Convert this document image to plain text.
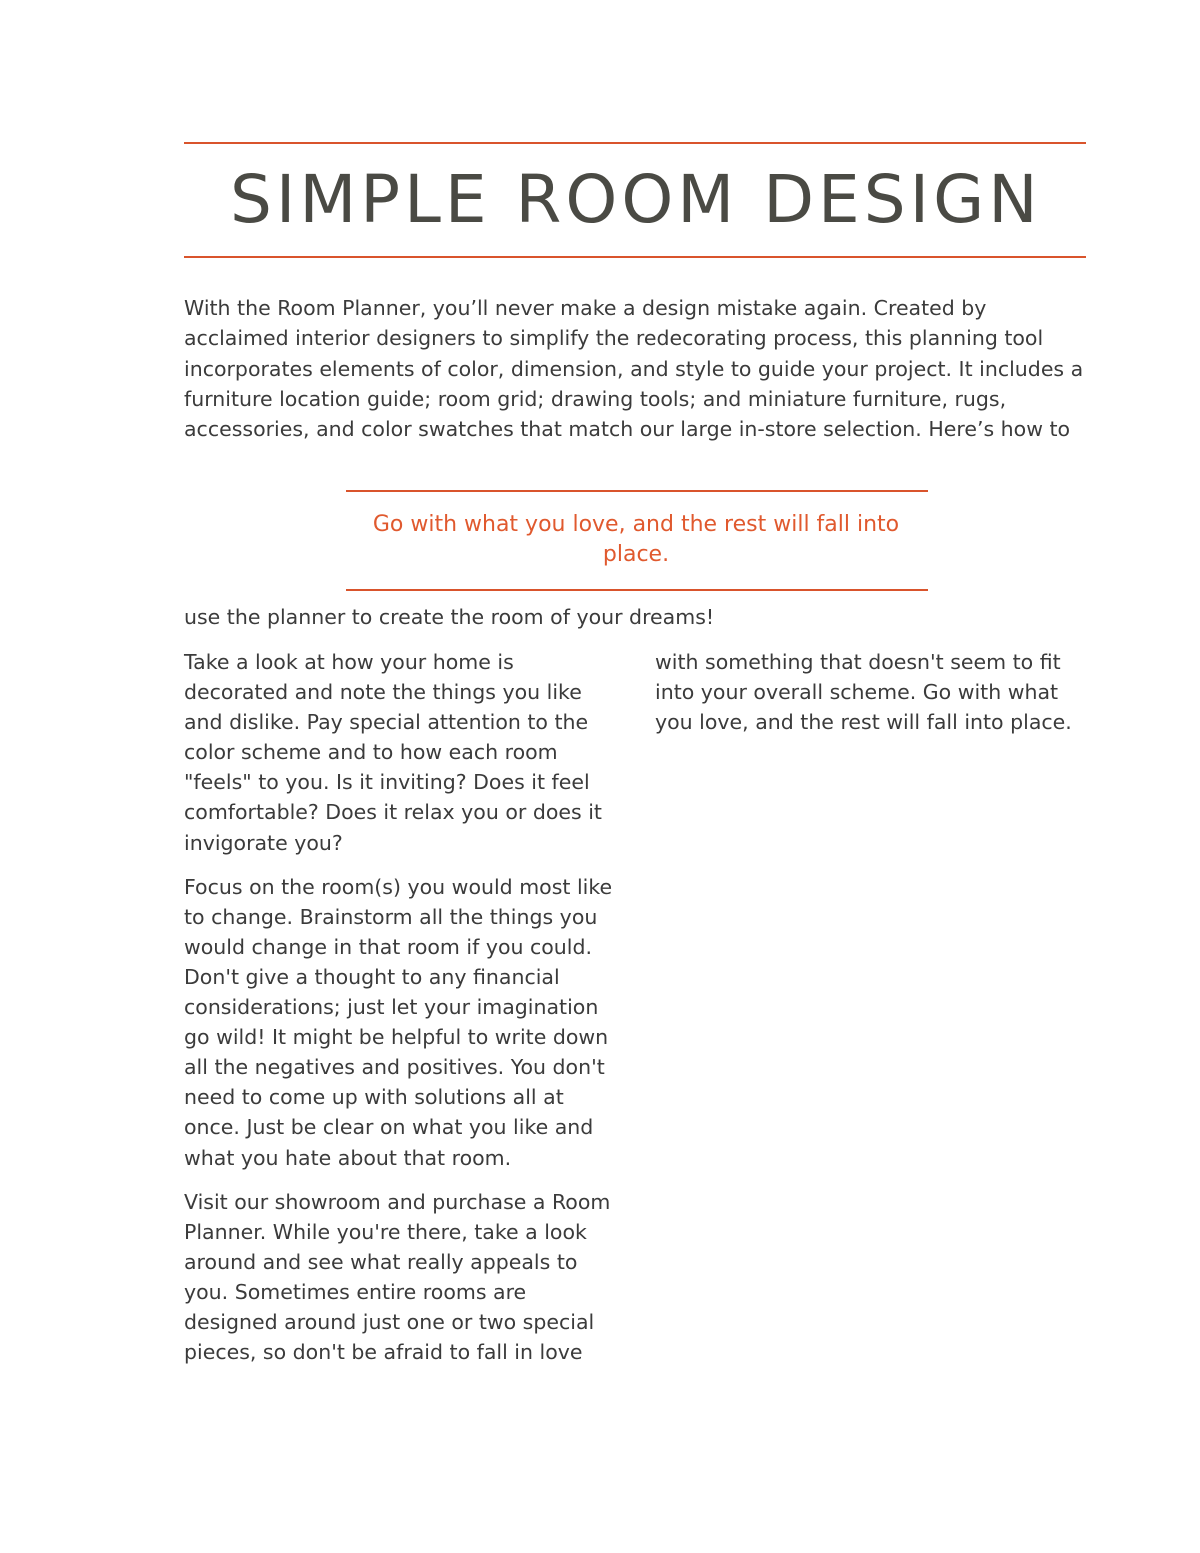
SIMPLE ROOM DESIGN
With the Room Planner, you’ll never make a design mistake again. Created by acclaimed interior designers to simplify the redecorating process, this planning tool incorporates elements of color, dimension, and style to guide your project. It includes a furniture location guide; room grid; drawing tools; and miniature furniture, rugs, accessories, and color swatches that match our large in-store selection. Here’s how to
Go with what you love, and the rest will fall into place.
use the planner to create the room of your dreams!

Take a look at how your home is decorated and note the things you like and dislike. Pay special attention to the color scheme and to how each room "feels" to you. Is it inviting? Does it feel comfortable? Does it relax you or does it invigorate you?

Focus on the room(s) you would most like to change. Brainstorm all the things you would change in that room if you could. Don't give a thought to any financial considerations; just let your imagination go wild! It might be helpful to write down all the negatives and positives. You don't need to come up with solutions all at once. Just be clear on what you like and what you hate about that room.

Visit our showroom and purchase a Room Planner. While you're there, take a look around and see what really appeals to you. Sometimes entire rooms are designed around just one or two special pieces, so don't be afraid to fall in love

with something that doesn't seem to fit into your overall scheme. Go with what you love, and the rest will fall into place.
